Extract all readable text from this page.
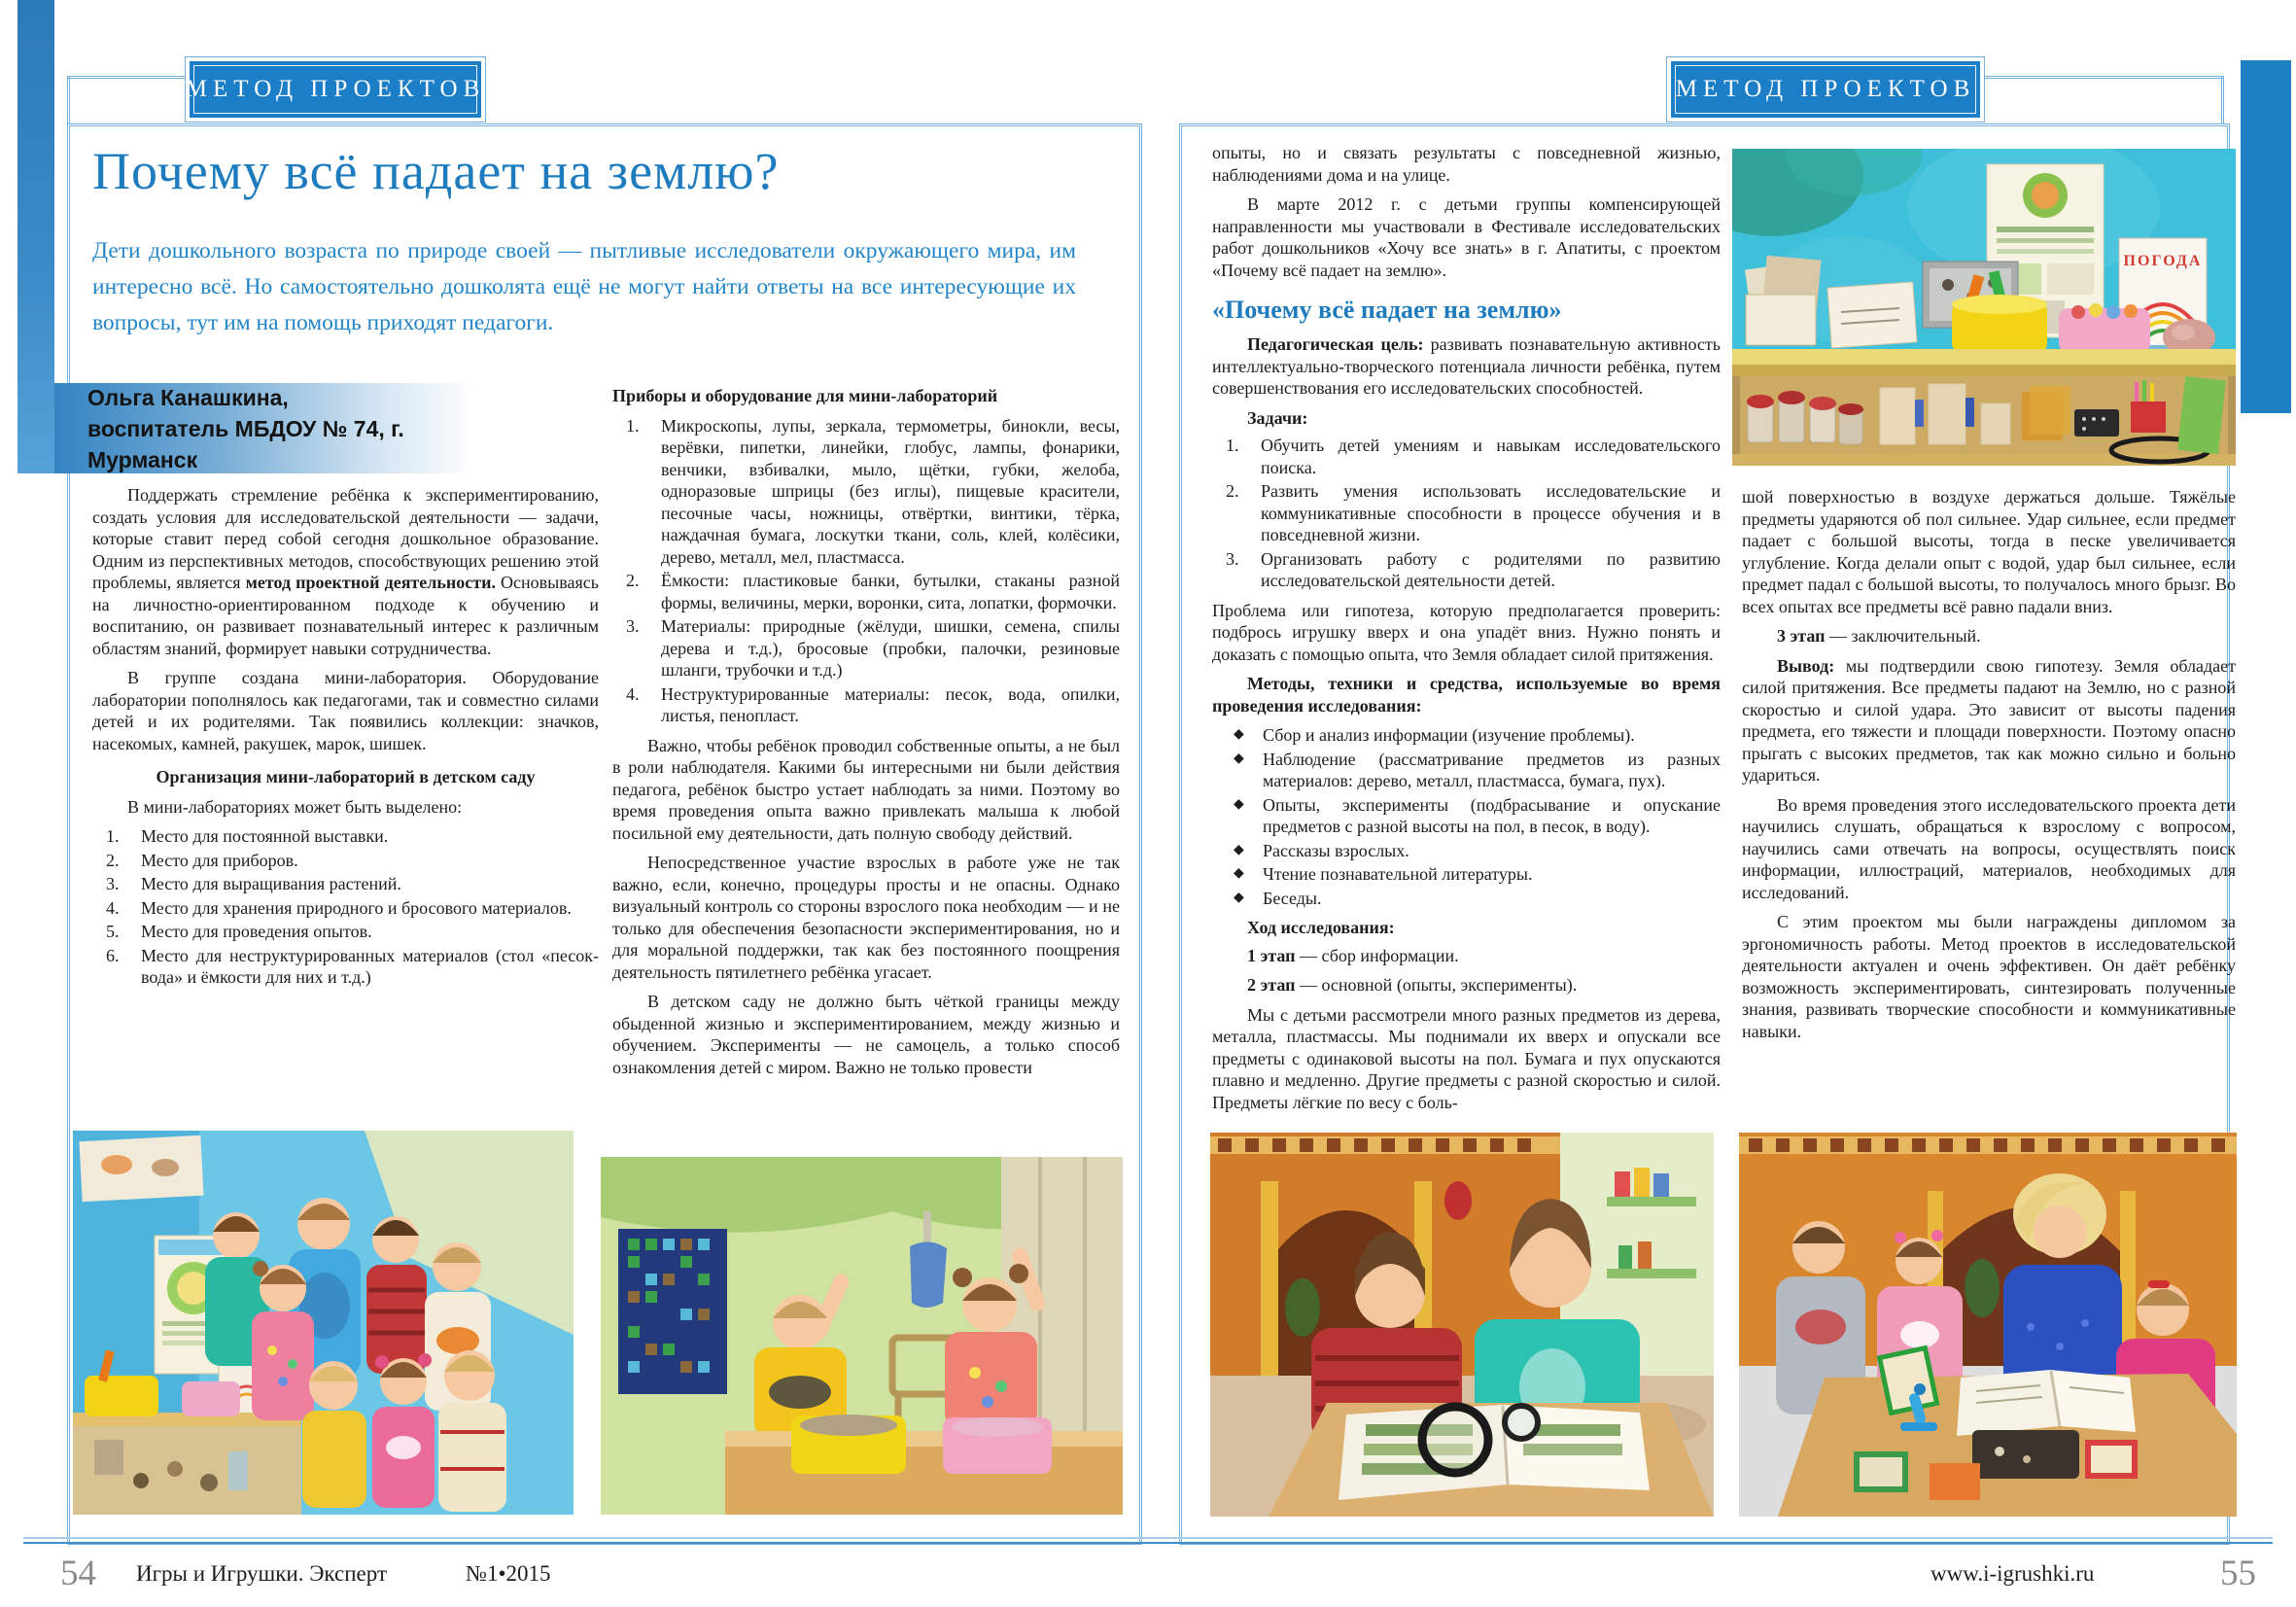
МЕТОД ПРОЕКТОВ	МЕТОД ПРОЕКТОВ
Почему всё падает на землю?
Дети дошкольного возраста по природе своей — пытливые исследователи окружающего мира, им интересно всё. Но самостоятельно дошколята ещё не могут найти ответы на все интересующие их вопросы, тут им на помощь приходят педагоги.
Ольга Канашкина,
воспитатель МБДОУ № 74, г. Мурманск
Поддержать стремление ребёнка к экспериментированию, создать условия для исследовательской деятельности — задачи, которые ставит перед собой сегодня дошкольное образование. Одним из перспективных методов, способствующих решению этой проблемы, является метод проектной деятельности. Основываясь на личностно-ориентированном подходе к обучению и воспитанию, он развивает познавательный интерес к различным областям знаний, формирует навыки сотрудничества.
В группе создана мини-лаборатория. Оборудование лаборатории пополнялось как педагогами, так и совместно силами детей и их родителями. Так появились коллекции: значков, насекомых, камней, ракушек, марок, шишек.
Организация мини-лабораторий в детском саду
В мини-лабораториях может быть выделено:
1.	Место для постоянной выставки.
2.	Место для приборов.
3.	Место для выращивания растений.
4.	Место для хранения природного и бросового материалов.
5.	Место для проведения опытов.
6.	Место для неструктурированных материалов (стол «песок-вода» и ёмкости для них и т.д.)
Приборы и оборудование для мини-лабораторий
1.	Микроскопы, лупы, зеркала, термометры, бинокли, весы, верёвки, пипетки, линейки, глобус, лампы, фонарики, венчики, взбивалки, мыло, щётки, губки, желоба, одноразовые шприцы (без иглы), пищевые красители, песочные часы, ножницы, отвёртки, винтики, тёрка, наждачная бумага, лоскутки ткани, соль, клей, колёсики, дерево, металл, мел, пластмасса.
2.	Ёмкости: пластиковые банки, бутылки, стаканы разной формы, величины, мерки, воронки, сита, лопатки, формочки.
3.	Материалы: природные (жёлуди, шишки, семена, спилы дерева и т.д.), бросовые (пробки, палочки, резиновые шланги, трубочки и т.д.)
4.	Неструктурированные материалы: песок, вода, опилки, листья, пенопласт.
Важно, чтобы ребёнок проводил собственные опыты, а не был в роли наблюдателя. Какими бы интересными ни были действия педагога, ребёнок быстро устает наблюдать за ними. Поэтому во время проведения опыта важно привлекать малыша к любой посильной ему деятельности, дать полную свободу действий.
Непосредственное участие взрослых в работе уже не так важно, если, конечно, процедуры просты и не опасны. Однако визуальный контроль со стороны взрослого пока необходим — и не только для обеспечения безопасности экспериментирования, но и для моральной поддержки, так как без постоянного поощрения деятельность пятилетнего ребёнка угасает.
В детском саду не должно быть чёткой границы между обыденной жизнью и экспериментированием, между жизнью и обучением. Эксперименты — не самоцель, а только способ ознакомления детей с миром. Важно не только провести
опыты, но и связать результаты с повседневной жизнью, наблюдениями дома и на улице.
В марте 2012 г. с детьми группы компенсирующей направленности мы участвовали в Фестивале исследовательских работ дошкольников «Хочу все знать» в г. Апатиты, с проектом «Почему всё падает на землю».
«Почему всё падает на землю»
Педагогическая цель: развивать познавательную активность интеллектуально-творческого потенциала личности ребёнка, путем совершенствования его исследовательских способностей.
Задачи:
1.	Обучить детей умениям и навыкам исследовательского поиска.
2.	Развить умения использовать исследовательские и коммуникативные способности в процессе обучения и в повседневной жизни.
3.	Организовать работу с родителями по развитию исследовательской деятельности детей.
Проблема или гипотеза, которую предполагается проверить: подбрось игрушку вверх и она упадёт вниз. Нужно понять и доказать с помощью опыта, что Земля обладает силой притяжения.
Методы, техники и средства, используемые во время проведения исследования:
◆	Сбор и анализ информации (изучение проблемы).
◆	Наблюдение (рассматривание предметов из разных материалов: дерево, металл, пластмасса, бумага, пух).
◆	Опыты, эксперименты (подбрасывание и опускание предметов с разной высоты на пол, в песок, в воду).
◆	Рассказы взрослых.
◆	Чтение познавательной литературы.
◆	Беседы.
Ход исследования:
1 этап — сбор информации.
2 этап — основной (опыты, эксперименты).
Мы с детьми рассмотрели много разных предметов из дерева, металла, пластмассы. Мы поднимали их вверх и опускали все предметы с одинаковой высоты на пол. Бумага и пух опускаются плавно и медленно. Другие предметы с разной скоростью и силой. Предметы лёгкие по весу с боль-
шой поверхностью в воздухе держаться дольше. Тяжёлые предметы ударяются об пол сильнее. Удар сильнее, если предмет падает с большой высоты, тогда в песке увеличивается углубление. Когда делали опыт с водой, удар был сильнее, если предмет падал с большой высоты, то получалось много брызг. Во всех опытах все предметы всё равно падали вниз.
3 этап — заключительный.
Вывод: мы подтвердили свою гипотезу. Земля обладает силой притяжения. Все предметы падают на Землю, но с разной скоростью и силой удара. Это зависит от высоты падения предмета, его тяжести и площади поверхности. Поэтому опасно прыгать с высоких предметов, так как можно сильно и больно удариться.
Во время проведения этого исследовательского проекта дети научились слушать, обращаться к взрослому с вопросом, научились сами отвечать на вопросы, осуществлять поиск информации, иллюстраций, материалов, необходимых для исследований.
С этим проектом мы были награждены дипломом за эргономичность работы. Метод проектов в исследовательской деятельности актуален и очень эффективен. Он даёт ребёнку возможность экспериментировать, синтезировать полученные знания, развивать творческие способности и коммуникативные навыки.
ПОГОДА
54 Игры и Игрушки. Эксперт	№1•2015	www.i-igrushki.ru	55
